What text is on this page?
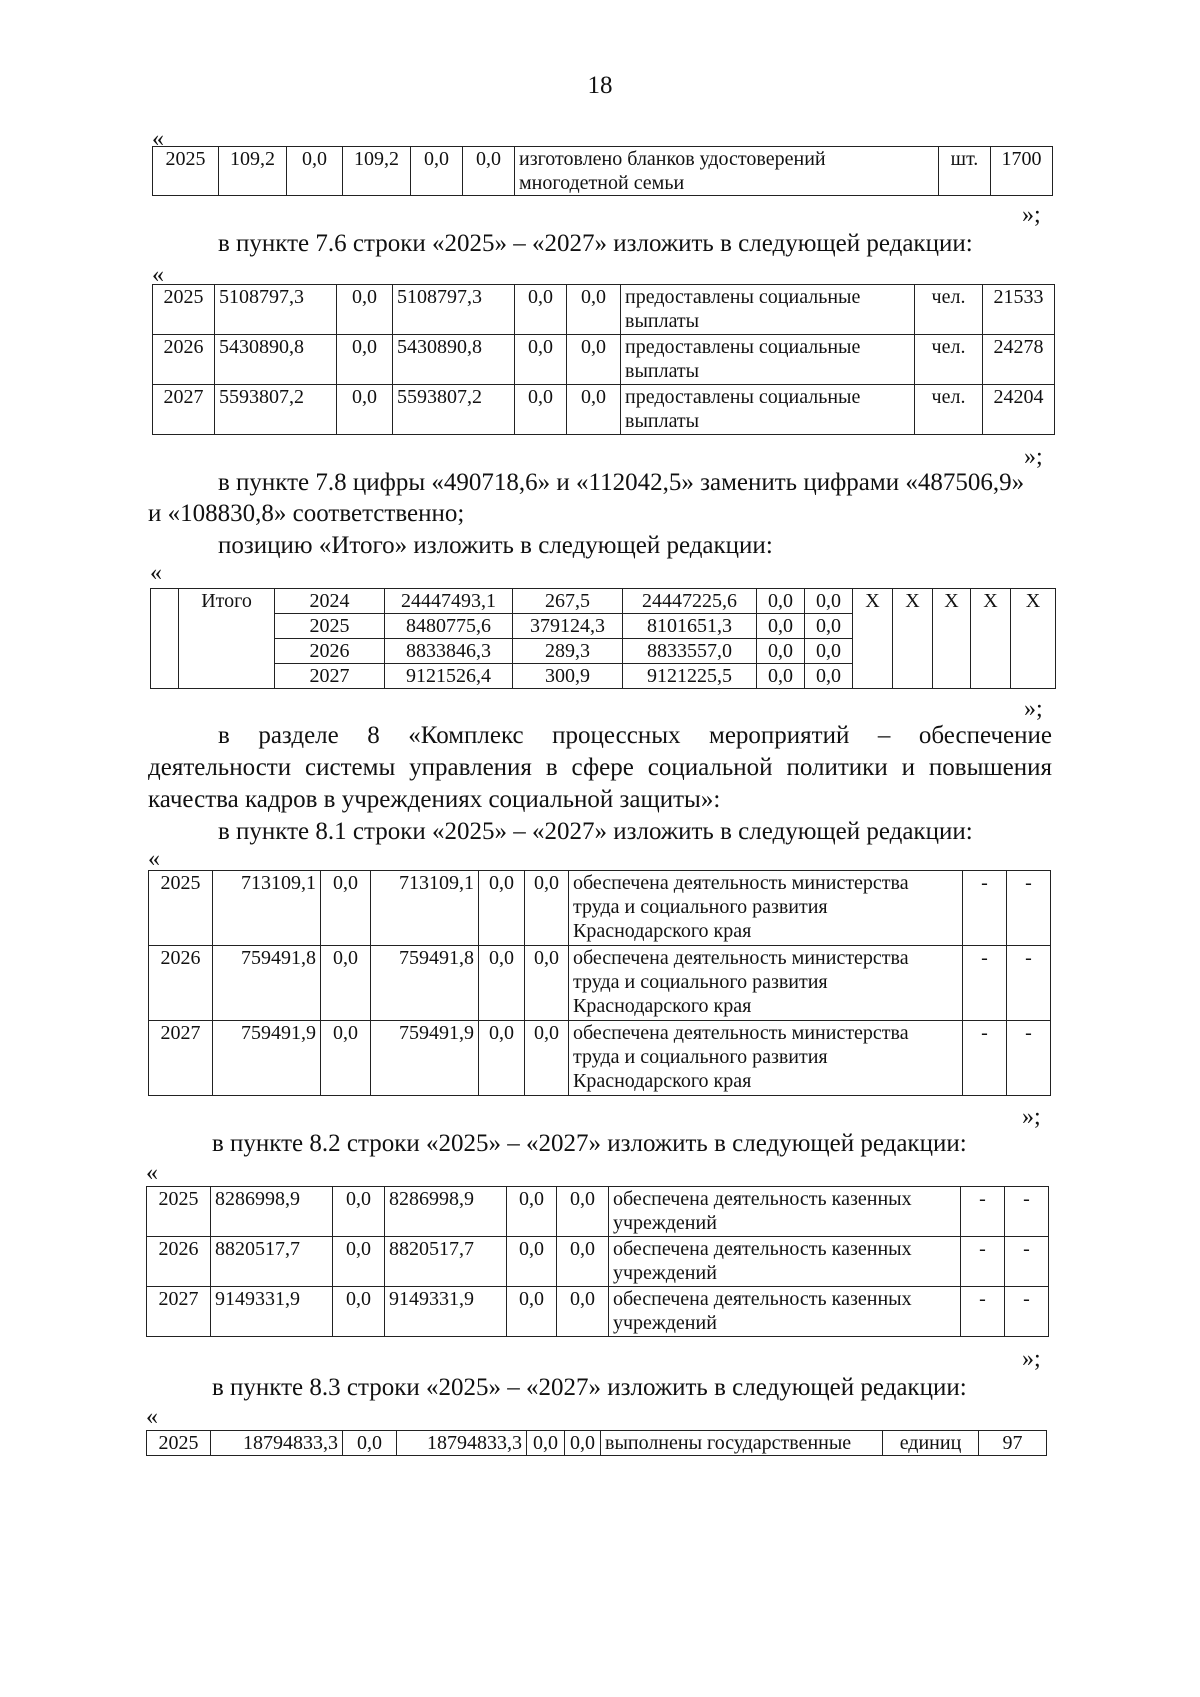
18
«
2025	109,2	0,0	109,2	0,0	0,0	изготовлено бланков удостоверений многодетной семьи	шт.	1700
»;
в пункте 7.6 строки «2025» – «2027» изложить в следующей редакции:
«
2025	5108797,3	0,0	5108797,3	0,0	0,0	предоставлены социальные выплаты	чел.	21533
2026	5430890,8	0,0	5430890,8	0,0	0,0	предоставлены социальные выплаты	чел.	24278
2027	5593807,2	0,0	5593807,2	0,0	0,0	предоставлены социальные выплаты	чел.	24204
»;
в пункте 7.8 цифры «490718,6» и «112042,5» заменить цифрами «487506,9»
и «108830,8» соответственно;
позицию «Итого» изложить в следующей редакции:
«
	Итого	2024	24447493,1	267,5	24447225,6	0,0	0,0	X	X	X	X	X
		2025	8480775,6	379124,3	8101651,3	0,0	0,0					
		2026	8833846,3	289,3	8833557,0	0,0	0,0					
		2027	9121526,4	300,9	9121225,5	0,0	0,0					
»;
в разделе 8 «Комплекс процессных мероприятий – обеспечение
деятельности системы управления в сфере социальной политики и повышения
качества кадров в учреждениях социальной защиты»:
в пункте 8.1 строки «2025» – «2027» изложить в следующей редакции:
«
2025	713109,1	0,0	713109,1	0,0	0,0	обеспечена деятельность министерства труда и социального развития Краснодарского края	-	-
2026	759491,8	0,0	759491,8	0,0	0,0	обеспечена деятельность министерства труда и социального развития Краснодарского края	-	-
2027	759491,9	0,0	759491,9	0,0	0,0	обеспечена деятельность министерства труда и социального развития Краснодарского края	-	-
»;
в пункте 8.2 строки «2025» – «2027» изложить в следующей редакции:
«
2025	8286998,9	0,0	8286998,9	0,0	0,0	обеспечена деятельность казенных учреждений	-	-
2026	8820517,7	0,0	8820517,7	0,0	0,0	обеспечена деятельность казенных учреждений	-	-
2027	9149331,9	0,0	9149331,9	0,0	0,0	обеспечена деятельность казенных учреждений	-	-
»;
в пункте 8.3 строки «2025» – «2027» изложить в следующей редакции:
«
2025	18794833,3	0,0	18794833,3	0,0	0,0	выполнены государственные	единиц	97
